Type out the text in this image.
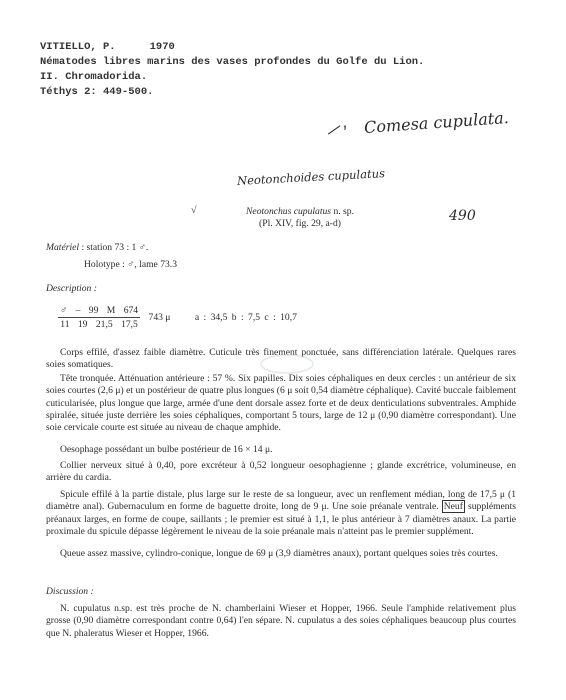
VITIELLO, P.	1970
Nématodes libres marins des vases profondes du Golfe du Lion.
II. Chromadorida.
Téthys 2: 449-500.
—, Comesa cupulata.
Neotonchoides cupulatus
490
√	Neotonchus cupulatus n. sp.
(Pl. XIV, fig. 29, a-d)
Matériel : station 73 : 1 ♂.
Holotype : ♂, lame 73.3
Description :
$\frac{♂ - 99 M 674}{11 19 21,5 17,5} 743$ μ	a : 34,5 b : 7,5 c : 10,7
Corps effilé, d'assez faible diamètre. Cuticule très finement ponctuée, sans différenciation latérale. Quelques rares soies somatiques.
Tête tronquée. Atténuation antérieure : 57 %. Six papilles. Dix soies céphaliques en deux cercles : un antérieur de six soies courtes (2,6 μ) et un postérieur de quatre plus longues (6 μ soit 0,54 diamètre céphalique). Cavité buccale faiblement cuticularisée, plus longue que large, armée d'une dent dorsale assez forte et de deux denticulations subventrales. Amphide spiralée, située juste derrière les soies céphaliques, comportant 5 tours, large de 12 μ (0,90 diamètre correspondant). Une soie cervicale courte est située au niveau de chaque amphide.
Oesophage possédant un bulbe postérieur de 16 × 14 μ.
Collier nerveux situé à 0,40, pore excréteur à 0,52 longueur oesophagienne ; glande excrétrice, volumineuse, en arrière du cardia.
Spicule effilé à la partie distale, plus large sur le reste de sa longueur, avec un renflement médian, long de 17,5 μ (1 diamètre anal). Gubernaculum en forme de baguette droite, long de 9 μ. Une soie préanale ventrale. Neuf suppléments préanaux larges, en forme de coupe, saillants ; le premier est situé à 1,1, le plus antérieur à 7 diamètres anaux. La partie proximale du spicule dépasse légèrement le niveau de la soie préanale mais n'atteint pas le premier supplément.
Queue assez massive, cylindro-conique, longue de 69 μ (3,9 diamètres anaux), portant quelques soies très courtes.
Discussion :
N. cupulatus n.sp. est très proche de N. chamberlaini Wieser et Hopper, 1966. Seule l'amphide relativement plus grosse (0,90 diamètre correspondant contre 0,64) l'en sépare. N. cupulatus a des soies céphaliques beaucoup plus courtes que N. phaleratus Wieser et Hopper, 1966.
